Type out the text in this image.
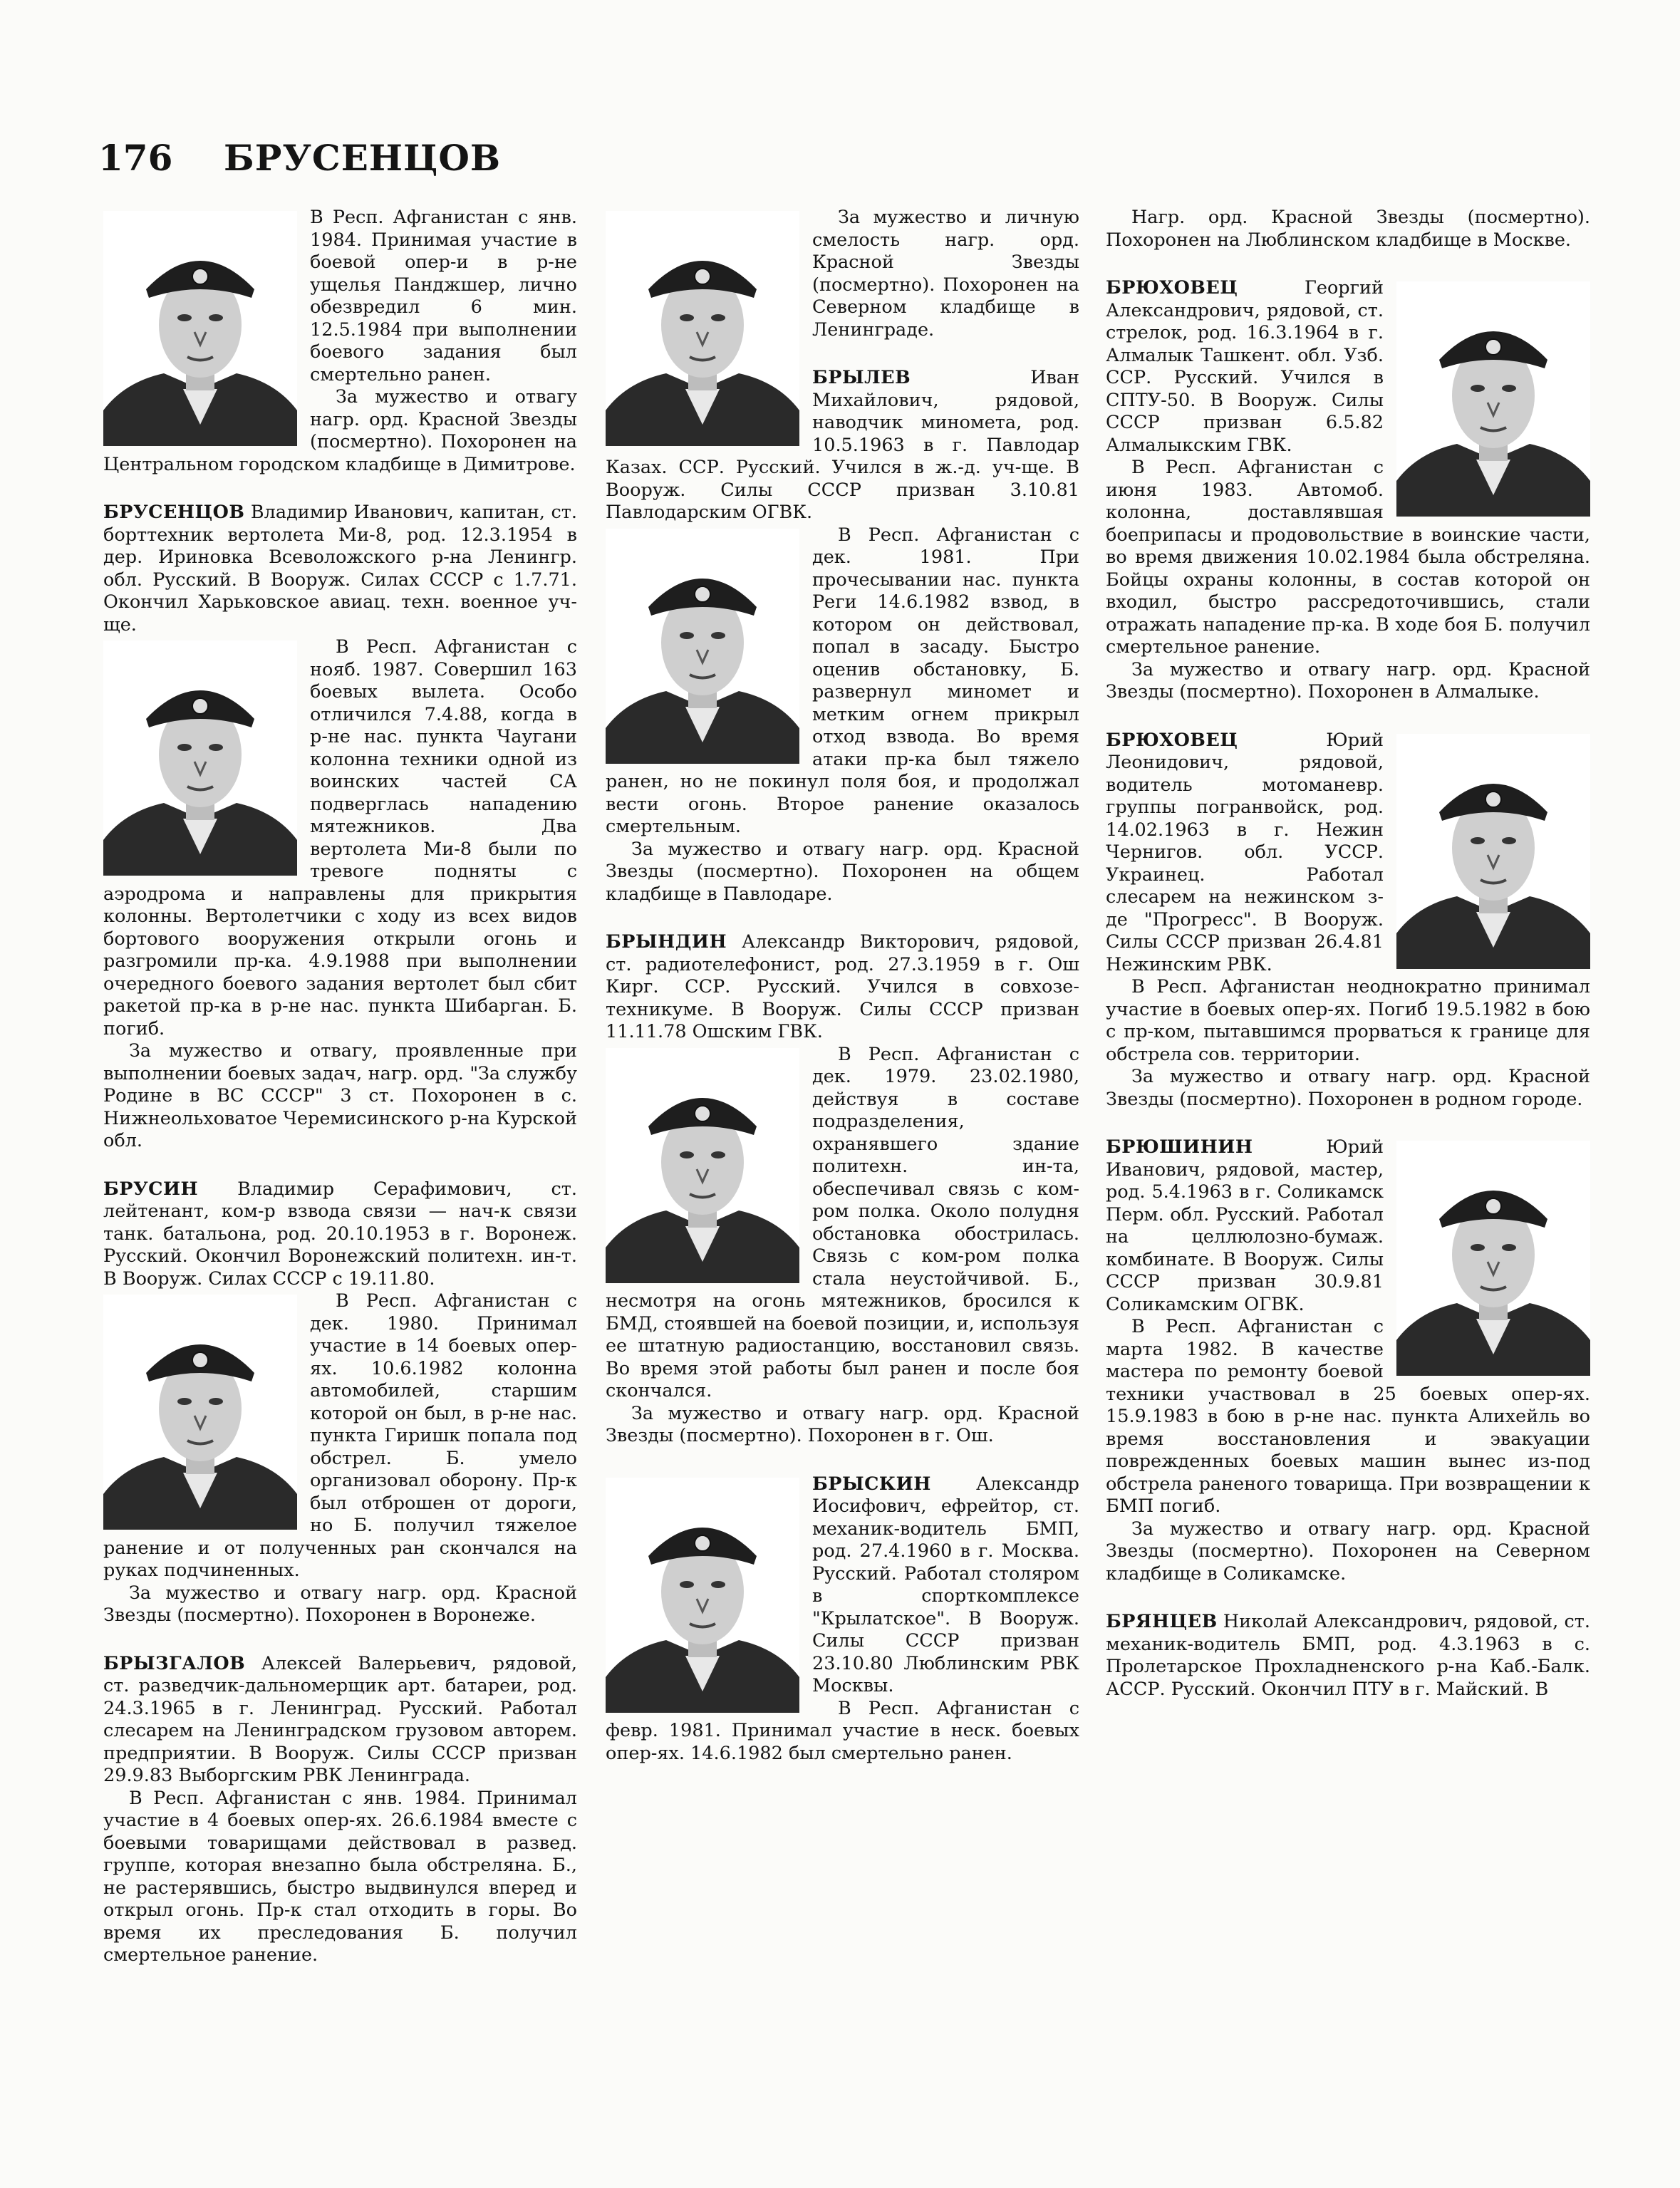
176 БРУСЕНЦОВ

В Респ. Афганистан с янв. 1984. Принимая участие в боевой опер-и в р-не ущелья Панджшер, лично обезвредил 6 мин. 12.5.1984 при выполнении боевого задания был смертельно ранен.

За мужество и отвагу нагр. орд. Красной Звезды (посмертно). Похоронен на Центральном городском кладбище в Димитрове.

БРУСЕНЦОВ Владимир Иванович, капитан, ст. борттехник вертолета Ми-8, род. 12.3.1954 в дер. Ириновка Всеволожского р-на Ленингр. обл. Русский. В Вооруж. Силах СССР с 1.7.71. Окончил Харьковское авиац. техн. военное уч-ще.

В Респ. Афганистан с нояб. 1987. Совершил 163 боевых вылета. Особо отличился 7.4.88, когда в р-не нас. пункта Чаугани колонна техники одной из воинских частей СА подверглась нападению мятежников. Два вертолета Ми-8 были по тревоге подняты с аэродрома и направлены для прикрытия колонны. Вертолетчики с ходу из всех видов бортового вооружения открыли огонь и разгромили пр-ка. 4.9.1988 при выполнении очередного боевого задания вертолет был сбит ракетой пр-ка в р-не нас. пункта Шибарган. Б. погиб.

За мужество и отвагу, проявленные при выполнении боевых задач, нагр. орд. "За службу Родине в ВС СССР" 3 ст. Похоронен в с. Нижнеольховатое Черемисинского р-на Курской обл.

БРУСИН Владимир Серафимович, ст. лейтенант, ком-р взвода связи — нач-к связи танк. батальона, род. 20.10.1953 в г. Воронеж. Русский. Окончил Воронежский политехн. ин-т. В Вооруж. Силах СССР с 19.11.80.

В Респ. Афганистан с дек. 1980. Принимал участие в 14 боевых опер-ях. 10.6.1982 колонна автомобилей, старшим которой он был, в р-не нас. пункта Гиришк попала под обстрел. Б. умело организовал оборону. Пр-к был отброшен от дороги, но Б. получил тяжелое ранение и от полученных ран скончался на руках подчиненных.

За мужество и отвагу нагр. орд. Красной Звезды (посмертно). Похоронен в Воронеже.

БРЫЗГАЛОВ Алексей Валерьевич, рядовой, ст. разведчик-дальномерщик арт. батареи, род. 24.3.1965 в г. Ленинград. Русский. Работал слесарем на Ленинградском грузовом авторем. предприятии. В Вооруж. Силы СССР призван 29.9.83 Выборгским РВК Ленинграда.

В Респ. Афганистан с янв. 1984. Принимал участие в 4 боевых опер-ях. 26.6.1984 вместе с боевыми товарищами действовал в развед. группе, которая внезапно была обстреляна. Б., не растерявшись, быстро выдвинулся вперед и открыл огонь. Пр-к стал отходить в горы. Во время их преследования Б. получил смертельное ранение.

За мужество и личную смелость нагр. орд. Красной Звезды (посмертно). Похоронен на Северном кладбище в Ленинграде.

БРЫЛЕВ	Иван Михайлович, рядовой, наводчик миномета, род. 10.5.1963 в г. Павлодар Казах. ССР. Русский. Учился в ж.-д. уч-ще. В Вооруж. Силы СССР призван 3.10.81 Павлодарским ОГВК.

В Респ. Афганистан с дек. 1981. При прочесывании нас. пункта Реги 14.6.1982 взвод, в котором он действовал, попал в засаду. Быстро оценив обстановку, Б. развернул миномет и метким огнем прикрыл отход взвода. Во время атаки пр-ка был тяжело ранен, но не покинул поля боя, и продолжал вести огонь. Второе ранение оказалось смертельным.

За мужество и отвагу нагр. орд. Красной Звезды (посмертно). Похоронен на общем кладбище в Павлодаре.

БРЫНДИН Александр Викторович, рядовой, ст. радиотелефонист, род. 27.3.1959 в г. Ош Кирг. ССР. Русский. Учился в совхозе-техникуме. В Вооруж. Силы СССР призван 11.11.78 Ошским ГВК.

В Респ. Афганистан с дек. 1979. 23.02.1980, действуя в составе подразделения, охранявшего здание политехн. ин-та, обеспечивал связь с ком-ром полка. Около полудня обстановка обострилась. Связь с ком-ром полка стала неустойчивой. Б., несмотря на огонь мятежников, бросился к БМД, стоявшей на боевой позиции, и, используя ее штатную радиостанцию, восстановил связь. Во время этой работы был ранен и после боя скончался.

За мужество и отвагу нагр. орд. Красной Звезды (посмертно). Похоронен в г. Ош.

БРЫСКИН Александр Иосифович, ефрейтор, ст. механик-водитель БМП, род. 27.4.1960 в г. Москва. Русский. Работал столяром в спорткомплексе "Крылатское". В Вооруж. Силы СССР призван 23.10.80 Люблинским РВК Москвы.

В Респ. Афганистан с февр. 1981. Принимал участие в неск. боевых опер-ях. 14.6.1982 был смертельно ранен.

Нагр. орд. Красной Звезды (посмертно). Похоронен на Люблинском кладбище в Москве.

БРЮХОВЕЦ	Георгий Александрович, рядовой, ст. стрелок, род. 16.3.1964 в г. Алмалык Ташкент. обл. Узб. ССР. Русский. Учился в СПТУ-50. В Вооруж. Силы СССР призван 6.5.82 Алмалыкским ГВК.

В Респ. Афганистан с июня 1983. Автомоб. колонна, доставлявшая боеприпасы и продовольствие в воинские части, во время движения 10.02.1984 была обстреляна. Бойцы охраны колонны, в состав которой он входил, быстро рассредоточившись, стали отражать нападение пр-ка. В ходе боя Б. получил смертельное ранение.

За мужество и отвагу нагр. орд. Красной Звезды (посмертно). Похоронен в Алмалыке.

БРЮХОВЕЦ	Юрий Леонидович, рядовой, водитель мотоманевр. группы погранвойск, род. 14.02.1963 в г. Нежин Чернигов. обл. УССР. Украинец. Работал слесарем на нежинском з-де "Прогресс". В Вооруж. Силы СССР призван 26.4.81 Нежинским РВК.

В Респ. Афганистан неоднократно принимал участие в боевых опер-ях. Погиб 19.5.1982 в бою с пр-ком, пытавшимся прорваться к границе для обстрела сов. территории.

За мужество и отвагу нагр. орд. Красной Звезды (посмертно). Похоронен в родном городе.

БРЮШИНИН	Юрий Иванович, рядовой, мастер, род. 5.4.1963 в г. Соликамск Перм. обл. Русский. Работал на целлюлозно-бумаж. комбинате. В Вооруж. Силы СССР призван 30.9.81 Соликамским ОГВК.

В Респ. Афганистан с марта 1982. В качестве мастера по ремонту боевой техники участвовал в 25 боевых опер-ях. 15.9.1983 в бою в р-не нас. пункта Алихейль во время восстановления и эвакуации поврежденных боевых машин вынес из-под обстрела раненого товарища. При возвращении к БМП погиб.

За мужество и отвагу нагр. орд. Красной Звезды (посмертно). Похоронен на Северном кладбище в Соликамске.

БРЯНЦЕВ Николай Александрович, рядовой, ст. механик-водитель БМП, род. 4.3.1963 в с. Пролетарское Прохладненского р-на Каб.-Балк. АССР. Русский. Окончил ПТУ в г. Майский. В
